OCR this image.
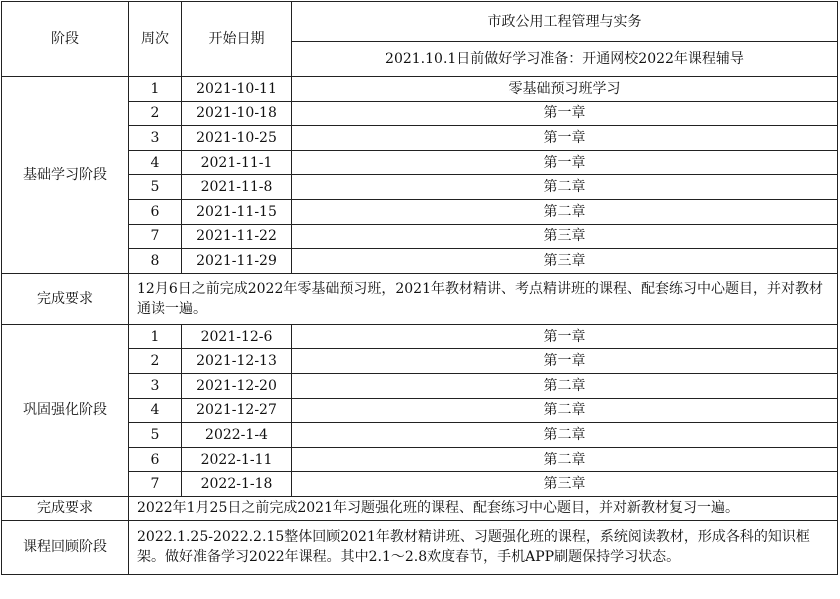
阶段	周次	开始日期	市政公用工程管理与实务
			2021.10.1日前做好学习准备：开通网校2022年课程辅导
基础学习阶段	1	2021-10-11	零基础预习班学习
	2	2021-10-18	第一章
	3	2021-10-25	第一章
	4	2021-11-1	第一章
	5	2021-11-8	第二章
	6	2021-11-15	第二章
	7	2021-11-22	第三章
	8	2021-11-29	第三章
完成要求	12月6日之前完成2022年零基础预习班，2021年教材精讲、考点精讲班的课程、配套练习中心题目，并对教材通读一遍。		
巩固强化阶段	1	2021-12-6	第一章
	2	2021-12-13	第一章
	3	2021-12-20	第二章
	4	2021-12-27	第二章
	5	2022-1-4	第二章
	6	2022-1-11	第二章
	7	2022-1-18	第三章
完成要求	2022年1月25日之前完成2021年习题强化班的课程、配套练习中心题目，并对新教材复习一遍。		
课程回顾阶段	2022.1.25-2022.2.15整体回顾2021年教材精讲班、习题强化班的课程，系统阅读教材，形成各科的知识框架。做好准备学习2022年课程。其中2.1～2.8欢度春节，手机APP刷题保持学习状态。		
